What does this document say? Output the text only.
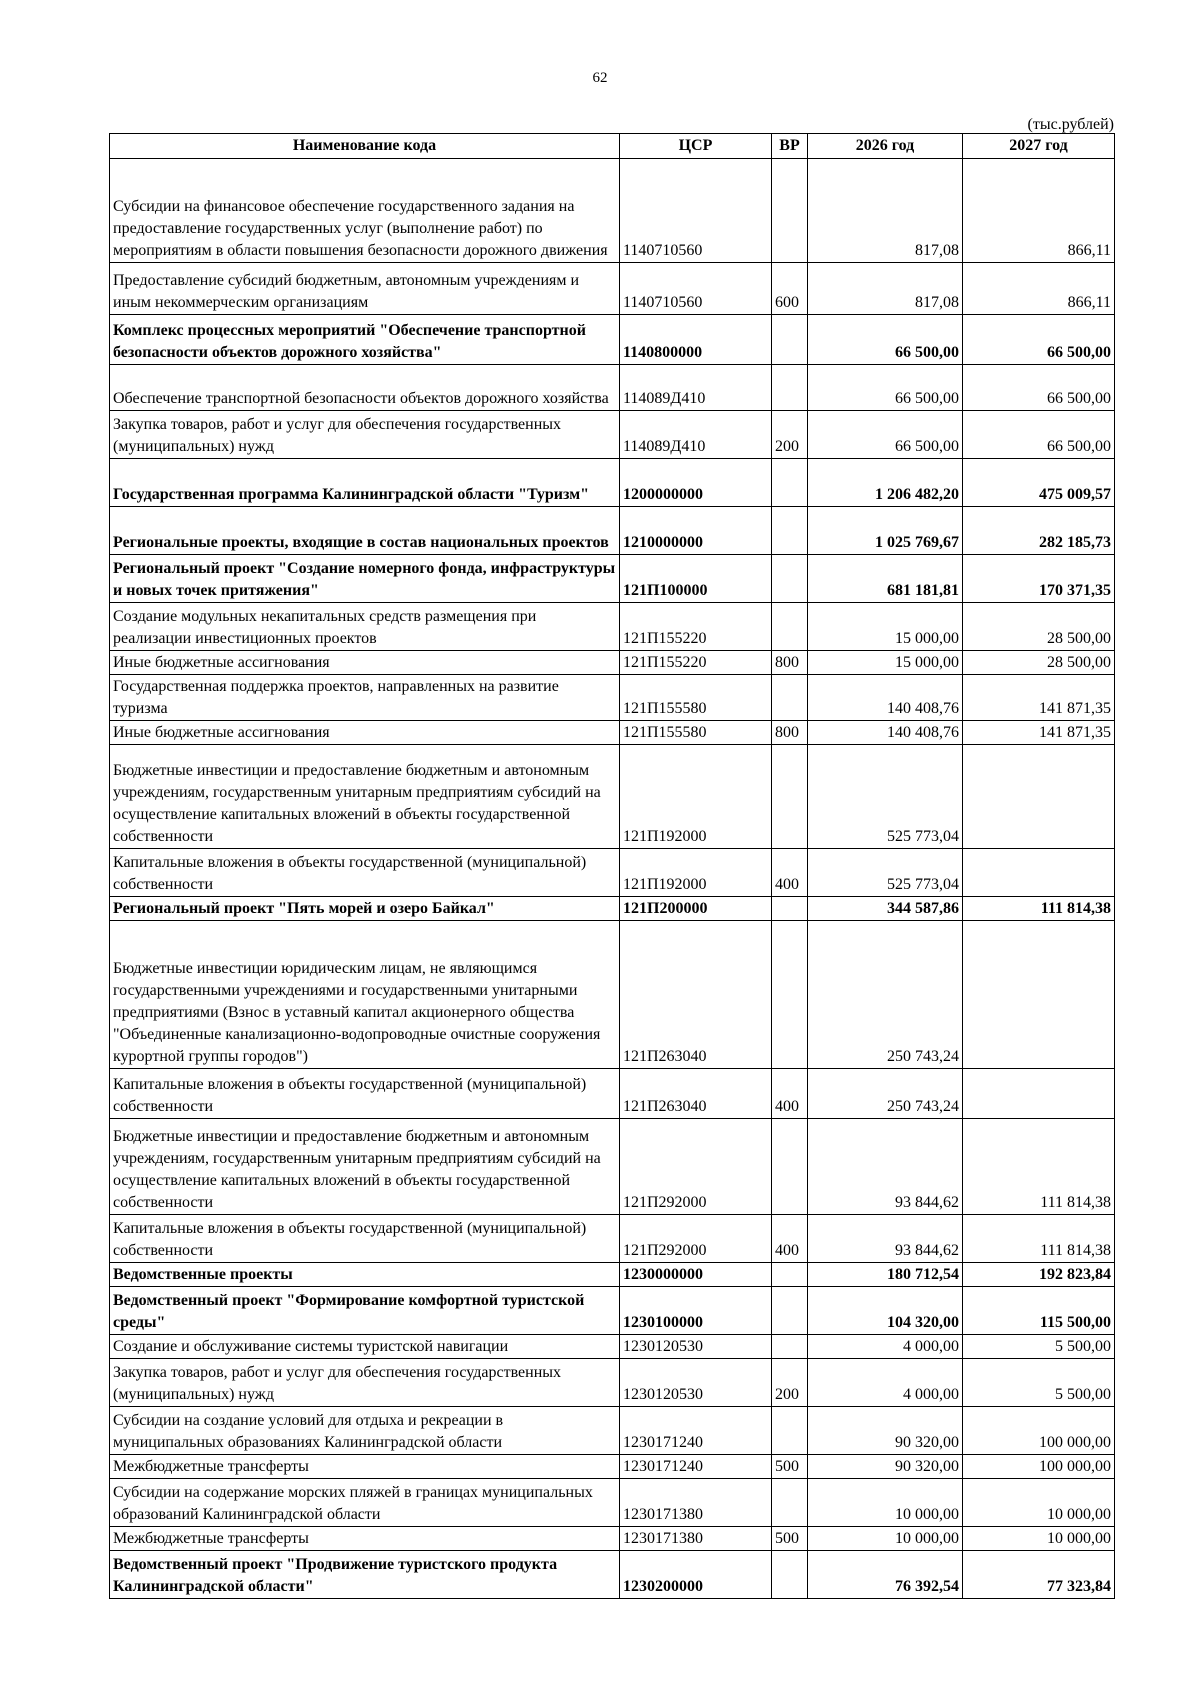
62
(тыс.рублей)
Наименование кода	ЦСР	ВР	2026 год	2027 год
Субсидии на финансовое обеспечение государственного задания на предоставление государственных услуг (выполнение работ) по мероприятиям в области повышения безопасности дорожного движения	1140710560		817,08	866,11
Предоставление субсидий бюджетным, автономным учреждениям и иным некоммерческим организациям	1140710560	600	817,08	866,11
Комплекс процессных мероприятий "Обеспечение транспортной безопасности объектов дорожного хозяйства"	1140800000		66 500,00	66 500,00
Обеспечение транспортной безопасности объектов дорожного хозяйства	114089Д410		66 500,00	66 500,00
Закупка товаров, работ и услуг для обеспечения государственных (муниципальных) нужд	114089Д410	200	66 500,00	66 500,00
Государственная программа Калининградской области "Туризм"	1200000000		1 206 482,20	475 009,57
Региональные проекты, входящие в состав национальных проектов	1210000000		1 025 769,67	282 185,73
Региональный проект "Создание номерного фонда, инфраструктуры и новых точек притяжения"	121П100000		681 181,81	170 371,35
Создание модульных некапитальных средств размещения при реализации инвестиционных проектов	121П155220		15 000,00	28 500,00
Иные бюджетные ассигнования	121П155220	800	15 000,00	28 500,00
Государственная поддержка проектов, направленных на развитие туризма	121П155580		140 408,76	141 871,35
Иные бюджетные ассигнования	121П155580	800	140 408,76	141 871,35
Бюджетные инвестиции и предоставление бюджетным и автономным учреждениям, государственным унитарным предприятиям субсидий на осуществление капитальных вложений в объекты государственной собственности	121П192000		525 773,04	
Капитальные вложения в объекты государственной (муниципальной) собственности	121П192000	400	525 773,04	
Региональный проект "Пять морей и озеро Байкал"	121П200000		344 587,86	111 814,38
Бюджетные инвестиции юридическим лицам, не являющимся государственными учреждениями и государственными унитарными предприятиями (Взнос в уставный капитал акционерного общества "Объединенные канализационно-водопроводные очистные сооружения курортной группы городов")	121П263040		250 743,24	
Капитальные вложения в объекты государственной (муниципальной) собственности	121П263040	400	250 743,24	
Бюджетные инвестиции и предоставление бюджетным и автономным учреждениям, государственным унитарным предприятиям субсидий на осуществление капитальных вложений в объекты государственной собственности	121П292000		93 844,62	111 814,38
Капитальные вложения в объекты государственной (муниципальной) собственности	121П292000	400	93 844,62	111 814,38
Ведомственные проекты	1230000000		180 712,54	192 823,84
Ведомственный проект "Формирование комфортной туристской среды"	1230100000		104 320,00	115 500,00
Создание и обслуживание системы туристской навигации	1230120530		4 000,00	5 500,00
Закупка товаров, работ и услуг для обеспечения государственных (муниципальных) нужд	1230120530	200	4 000,00	5 500,00
Субсидии на создание условий для отдыха и рекреации в муниципальных образованиях Калининградской области	1230171240		90 320,00	100 000,00
Межбюджетные трансферты	1230171240	500	90 320,00	100 000,00
Субсидии на содержание морских пляжей в границах муниципальных образований Калининградской области	1230171380		10 000,00	10 000,00
Межбюджетные трансферты	1230171380	500	10 000,00	10 000,00
Ведомственный проект "Продвижение туристского продукта Калининградской области"	1230200000		76 392,54	77 323,84
